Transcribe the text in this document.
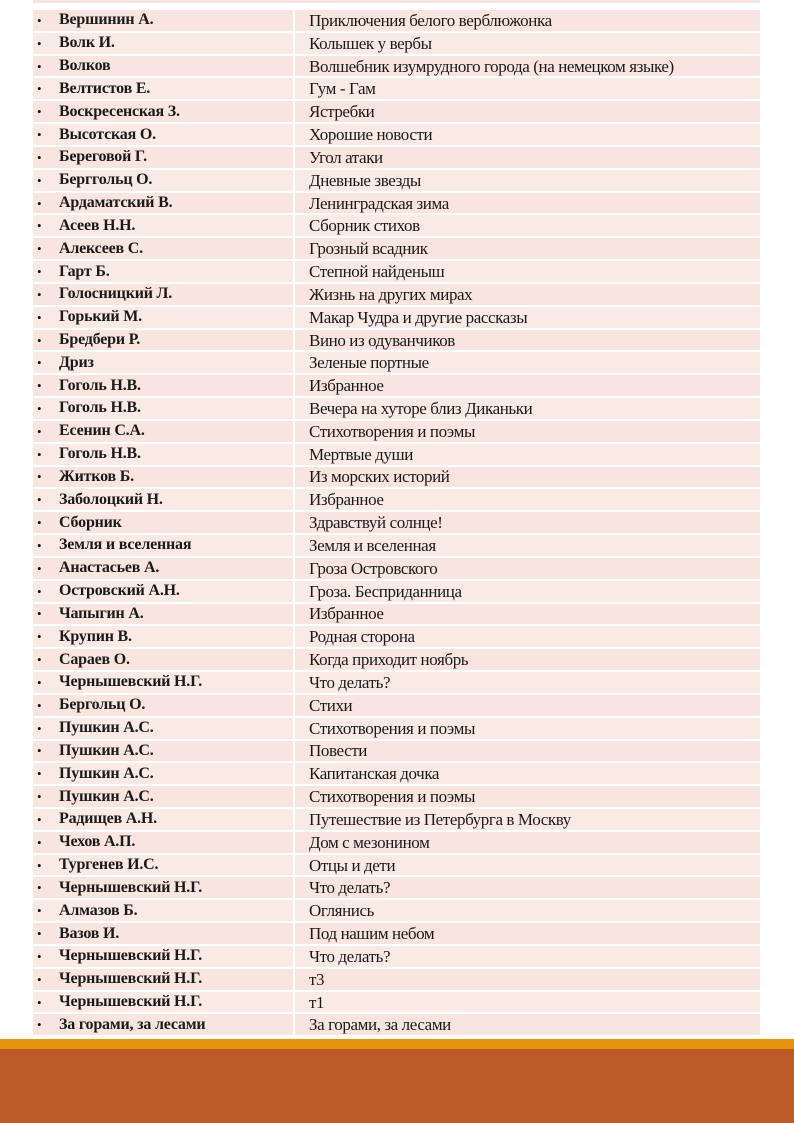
•	Вершинин А.	Приключения белого верблюжонка
•	Волк И.	Колышек у вербы
•	Волков	Волшебник изумрудного города (на немецком языке)
•	Велтистов Е.	Гум - Гам
•	Воскресенская З.	Ястребки
•	Высотская О.	Хорошие новости
•	Береговой Г.	Угол атаки
•	Берггольц О.	Дневные звезды
•	Ардаматский В.	Ленинградская зима
•	Асеев Н.Н.	Сборник стихов
•	Алексеев С.	Грозный всадник
•	Гарт Б.	Степной найденыш
•	Голосницкий Л.	Жизнь на других мирах
•	Горький М.	Макар Чудра и другие рассказы
•	Бредбери Р.	Вино из одуванчиков
•	Дриз	Зеленые портные
•	Гоголь Н.В.	Избранное
•	Гоголь Н.В.	Вечера на хуторе близ Диканьки
•	Есенин С.А.	Стихотворения и поэмы
•	Гоголь Н.В.	Мертвые души
•	Житков Б.	Из морских историй
•	Заболоцкий Н.	Избранное
•	Сборник	Здравствуй солнце!
•	Земля и вселенная	Земля и вселенная
•	Анастасьев А.	Гроза Островского
•	Островский А.Н.	Гроза. Бесприданница
•	Чапыгин А.	Избранное
•	Крупин В.	Родная сторона
•	Сараев О.	Когда приходит ноябрь
•	Чернышевский Н.Г.	Что делать?
•	Бергольц О.	Стихи
•	Пушкин А.С.	Стихотворения и поэмы
•	Пушкин А.С.	Повести
•	Пушкин А.С.	Капитанская дочка
•	Пушкин А.С.	Стихотворения и поэмы
•	Радищев А.Н.	Путешествие из Петербурга в Москву
•	Чехов А.П.	Дом с мезонином
•	Тургенев И.С.	Отцы и дети
•	Чернышевский Н.Г.	Что делать?
•	Алмазов Б.	Оглянись
•	Вазов И.	Под нашим небом
•	Чернышевский Н.Г.	Что делать?
•	Чернышевский Н.Г.	т3
•	Чернышевский Н.Г.	т1
•	За горами, за лесами	За горами, за лесами
